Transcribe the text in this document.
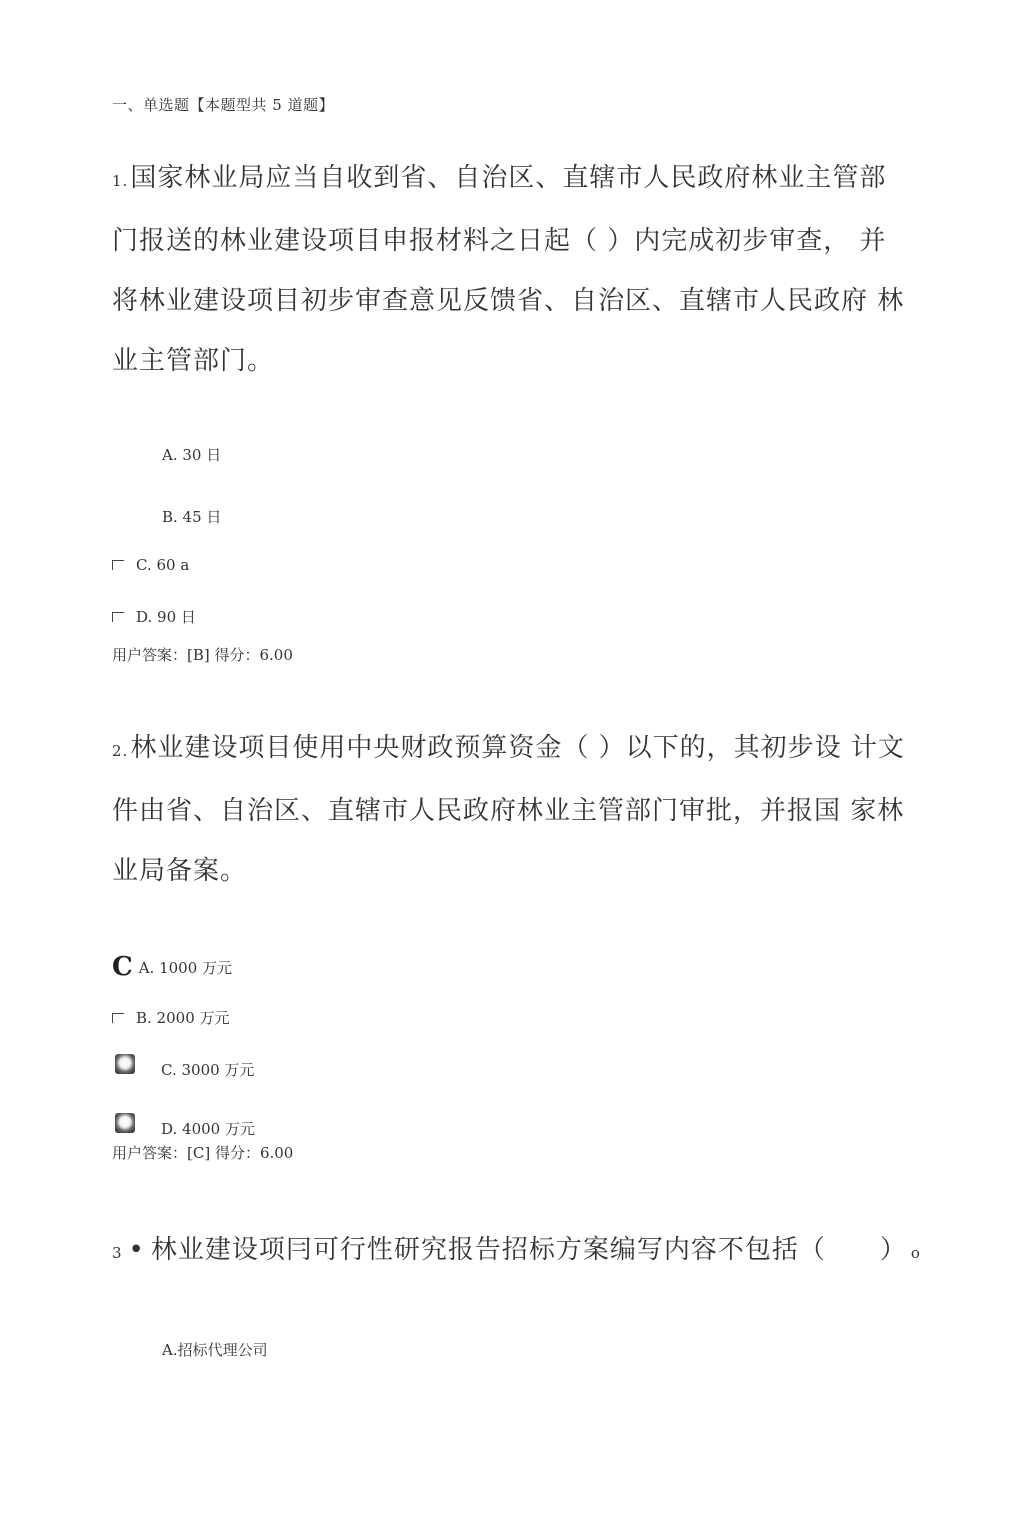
一、单选题【本题型共 5 道题】
1.国家林业局应当自收到省、自治区、直辖市人民政府林业主管部
门报送的林业建设项目申报材料之日起（ ）内完成初步审查， 并
将林业建设项目初步审查意见反馈省、自治区、直辖市人民政府 林
业主管部门。
A. 30 日
B. 45 日
C. 60 a
D. 90 日
用户答案：[B] 得分：6.00
2.林业建设项目使用中央财政预算资金（ ）以下的，其初步设 计文
件由省、自治区、直辖市人民政府林业主管部门审批，并报国 家林
业局备案。
C A. 1000 万元
B. 2000 万元
C. 3000 万元
D. 4000 万元
用户答案：[C] 得分：6.00
3 • 林业建设项冃可行性研究报告招标方案编写内容不包括（　　） o
A.招标代理公司
